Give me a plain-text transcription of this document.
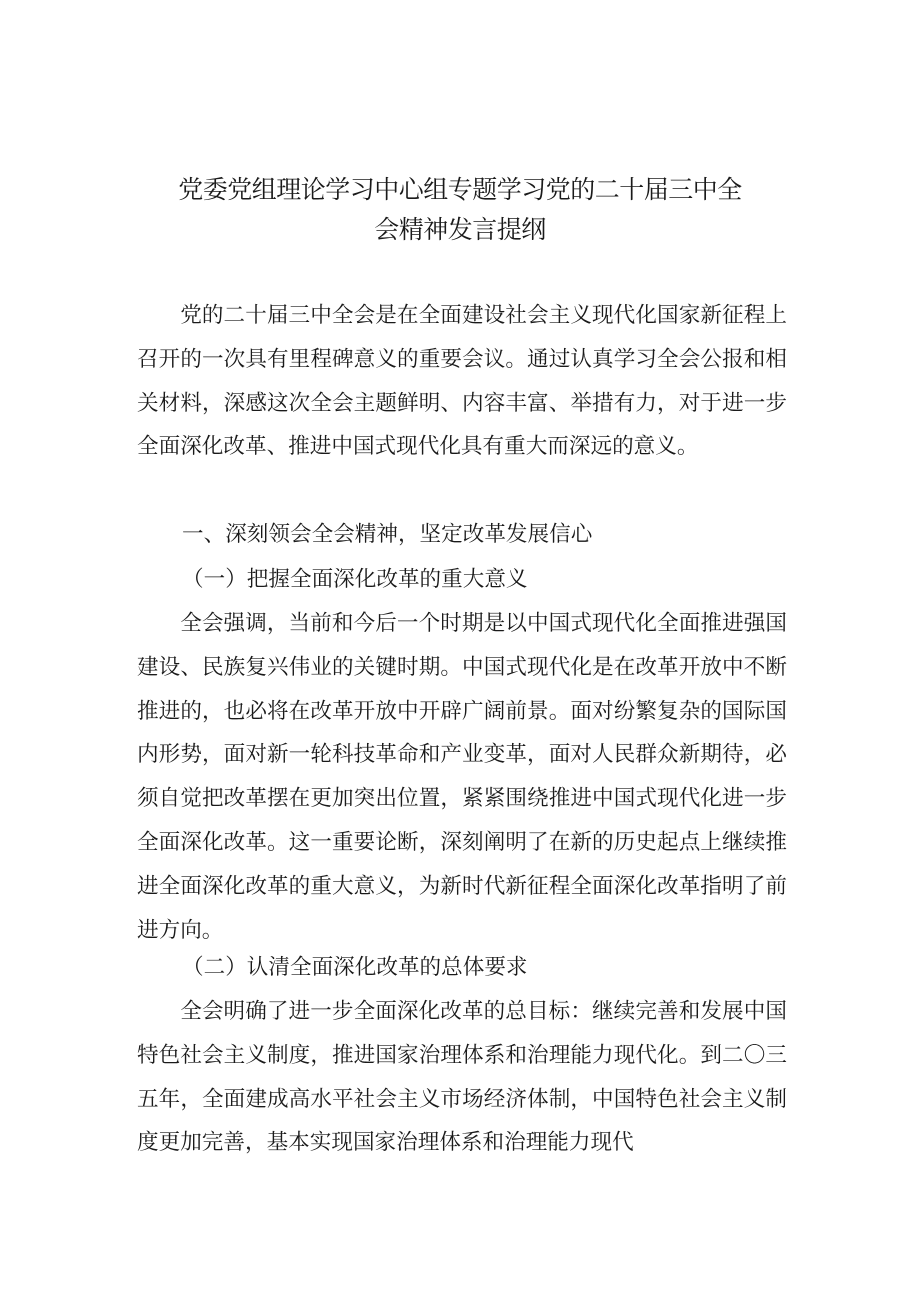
党委党组理论学习中心组专题学习党的二十届三中全
会精神发言提纲

党的二十届三中全会是在全面建设社会主义现代化国家新征程上召开的一次具有里程碑意义的重要会议。通过认真学习全会公报和相关材料，深感这次全会主题鲜明、内容丰富、举措有力，对于进一步全面深化改革、推进中国式现代化具有重大而深远的意义。

一、深刻领会全会精神，坚定改革发展信心
（一）把握全面深化改革的重大意义

全会强调，当前和今后一个时期是以中国式现代化全面推进强国建设、民族复兴伟业的关键时期。中国式现代化是在改革开放中不断推进的，也必将在改革开放中开辟广阔前景。面对纷繁复杂的国际国内形势，面对新一轮科技革命和产业变革，面对人民群众新期待，必须自觉把改革摆在更加突出位置，紧紧围绕推进中国式现代化进一步全面深化改革。这一重要论断，深刻阐明了在新的历史起点上继续推进全面深化改革的重大意义，为新时代新征程全面深化改革指明了前进方向。

（二）认清全面深化改革的总体要求

全会明确了进一步全面深化改革的总目标：继续完善和发展中国特色社会主义制度，推进国家治理体系和治理能力现代化。到二〇三五年，全面建成高水平社会主义市场经济体制，中国特色社会主义制度更加完善，基本实现国家治理体系和治理能力现代
